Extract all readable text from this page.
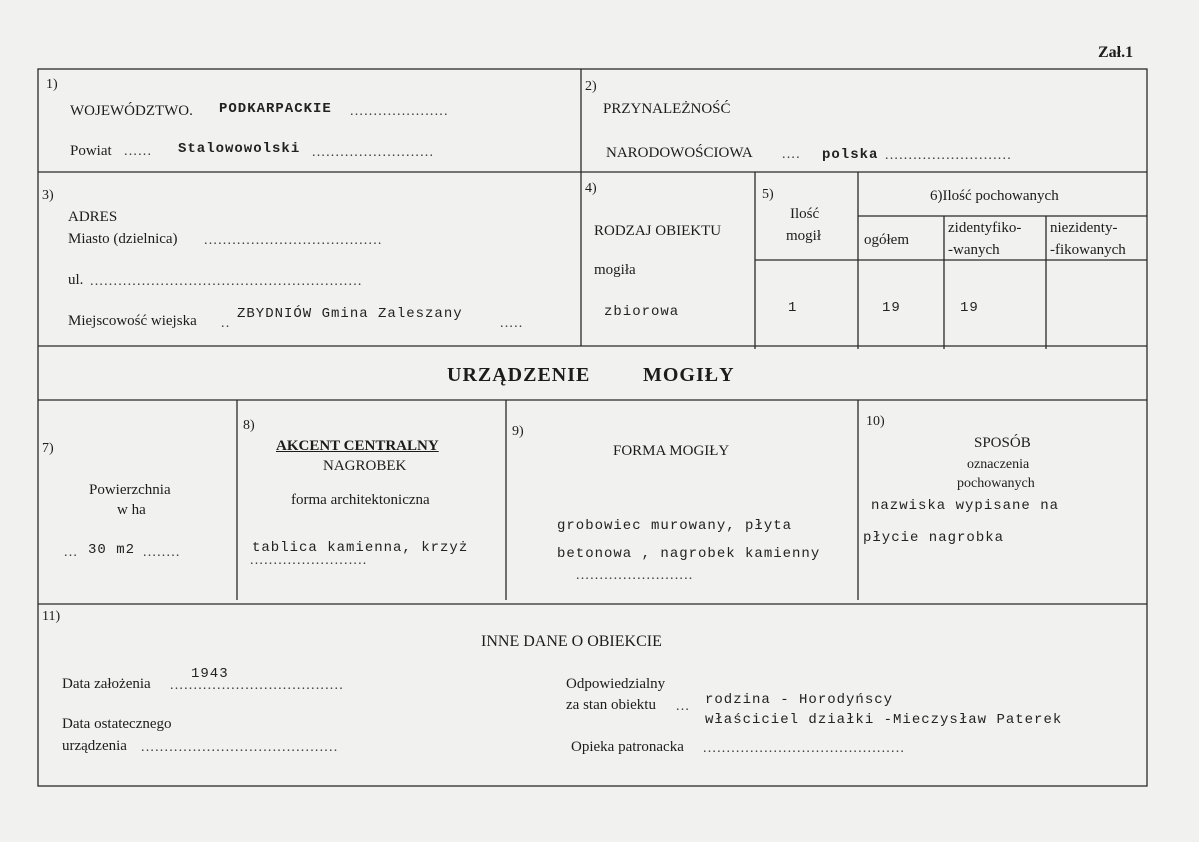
Zał.1
1)
WOJEWÓDZTWO. PODKARPACKIE .....................
Powiat ...... Stalowowolski ..........................
2)
PRZYNALEŻNOŚĆ
NARODOWOŚCIOWA .... polska ...........................
3)
ADRES
Miasto (dzielnica) ......................................
ul. ..........................................................
Miejscowość wiejska ..
ZBYDNIÓW Gmina Zaleszany
.....
4)
RODZAJ OBIEKTU
mogiła
zbiorowa
5)
Ilość
mogił
1
6)Ilość pochowanych
ogółem
zidentyfiko-
-wanych
niezidenty-
-fikowanych
19	19
URZĄDZENIE	MOGIŁY
7)
Powierzchnia
w ha
... 30 m2 ........
8)
AKCENT CENTRALNY
NAGROBEK
forma architektoniczna
tablica kamienna, krzyż
.........................
9)
FORMA MOGIŁY
grobowiec murowany, płyta
betonowa , nagrobek kamienny
.........................
10)
SPOSÓB
oznaczenia
pochowanych
nazwiska wypisane na
płycie nagrobka
11)
INNE DANE O OBIEKCIE
Data założenia
1943
.....................................
Data ostatecznego
urządzenia ..........................................
Odpowiedzialny
za stan obiektu ... rodzina - Horodyńscy
właściciel działki -Mieczysław Paterek
Opieka patronacka ...........................................
